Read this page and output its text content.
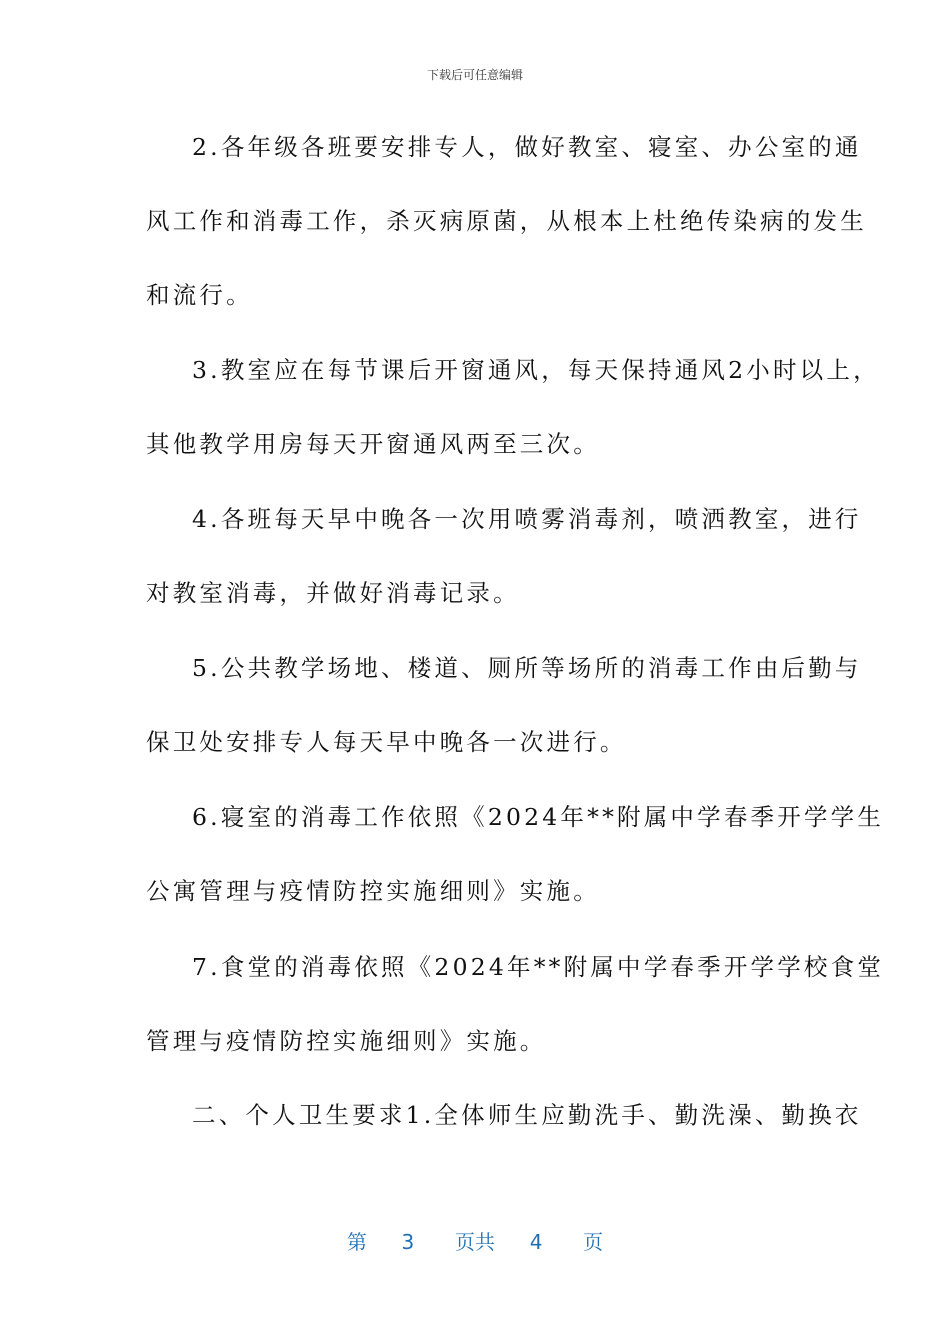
下载后可任意编辑
2.各年级各班要安排专人，做好教室、寝室、办公室的通
风工作和消毒工作，杀灭病原菌，从根本上杜绝传染病的发生
和流行。
3.教室应在每节课后开窗通风，每天保持通风2小时以上，
其他教学用房每天开窗通风两至三次。
4.各班每天早中晚各一次用喷雾消毒剂，喷洒教室，进行
对教室消毒，并做好消毒记录。
5.公共教学场地、楼道、厕所等场所的消毒工作由后勤与
保卫处安排专人每天早中晚各一次进行。
6.寝室的消毒工作依照《2024年**附属中学春季开学学生
公寓管理与疫情防控实施细则》实施。
7.食堂的消毒依照《2024年**附属中学春季开学学校食堂
管理与疫情防控实施细则》实施。
二、个人卫生要求1.全体师生应勤洗手、勤洗澡、勤换衣
第 3 页共 4 页
